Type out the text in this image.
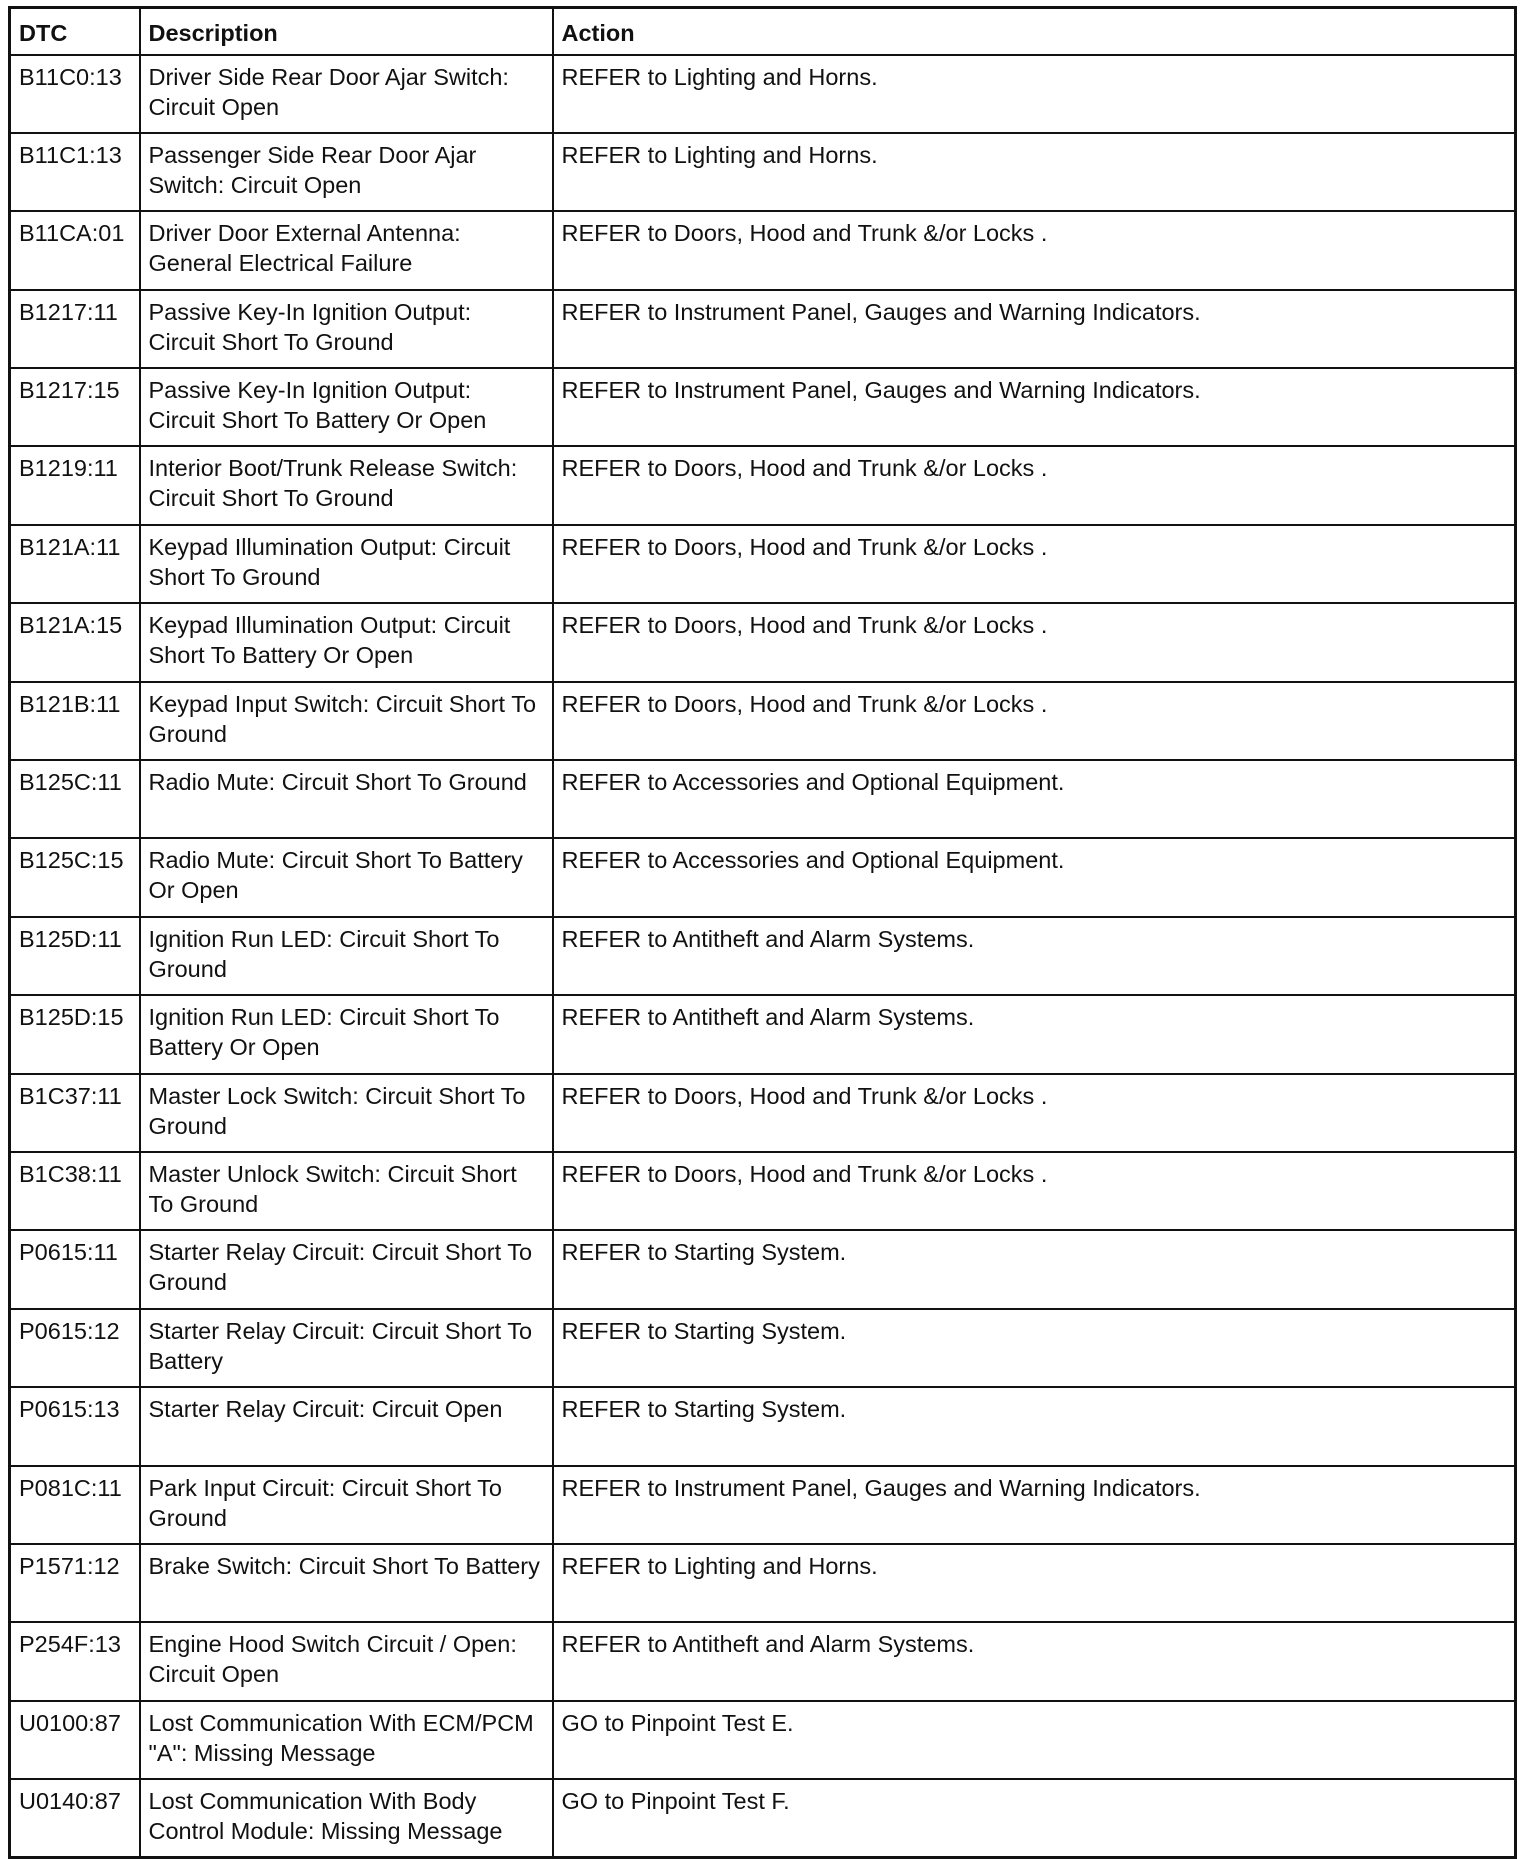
DTC	Description	Action
B11C0:13	Driver Side Rear Door Ajar Switch: Circuit Open	REFER to Lighting and Horns.
B11C1:13	Passenger Side Rear Door Ajar Switch: Circuit Open	REFER to Lighting and Horns.
B11CA:01	Driver Door External Antenna: General Electrical Failure	REFER to Doors, Hood and Trunk &/or Locks .
B1217:11	Passive Key-In Ignition Output: Circuit Short To Ground	REFER to Instrument Panel, Gauges and Warning Indicators.
B1217:15	Passive Key-In Ignition Output: Circuit Short To Battery Or Open	REFER to Instrument Panel, Gauges and Warning Indicators.
B1219:11	Interior Boot/Trunk Release Switch: Circuit Short To Ground	REFER to Doors, Hood and Trunk &/or Locks .
B121A:11	Keypad Illumination Output: Circuit Short To Ground	REFER to Doors, Hood and Trunk &/or Locks .
B121A:15	Keypad Illumination Output: Circuit Short To Battery Or Open	REFER to Doors, Hood and Trunk &/or Locks .
B121B:11	Keypad Input Switch: Circuit Short To Ground	REFER to Doors, Hood and Trunk &/or Locks .
B125C:11	Radio Mute: Circuit Short To Ground	REFER to Accessories and Optional Equipment.
B125C:15	Radio Mute: Circuit Short To Battery Or Open	REFER to Accessories and Optional Equipment.
B125D:11	Ignition Run LED: Circuit Short To Ground	REFER to Antitheft and Alarm Systems.
B125D:15	Ignition Run LED: Circuit Short To Battery Or Open	REFER to Antitheft and Alarm Systems.
B1C37:11	Master Lock Switch: Circuit Short To Ground	REFER to Doors, Hood and Trunk &/or Locks .
B1C38:11	Master Unlock Switch: Circuit Short To Ground	REFER to Doors, Hood and Trunk &/or Locks .
P0615:11	Starter Relay Circuit: Circuit Short To Ground	REFER to Starting System.
P0615:12	Starter Relay Circuit: Circuit Short To Battery	REFER to Starting System.
P0615:13	Starter Relay Circuit: Circuit Open	REFER to Starting System.
P081C:11	Park Input Circuit: Circuit Short To Ground	REFER to Instrument Panel, Gauges and Warning Indicators.
P1571:12	Brake Switch: Circuit Short To Battery	REFER to Lighting and Horns.
P254F:13	Engine Hood Switch Circuit / Open: Circuit Open	REFER to Antitheft and Alarm Systems.
U0100:87	Lost Communication With ECM/PCM "A": Missing Message	GO to Pinpoint Test E.
U0140:87	Lost Communication With Body Control Module: Missing Message	GO to Pinpoint Test F.
